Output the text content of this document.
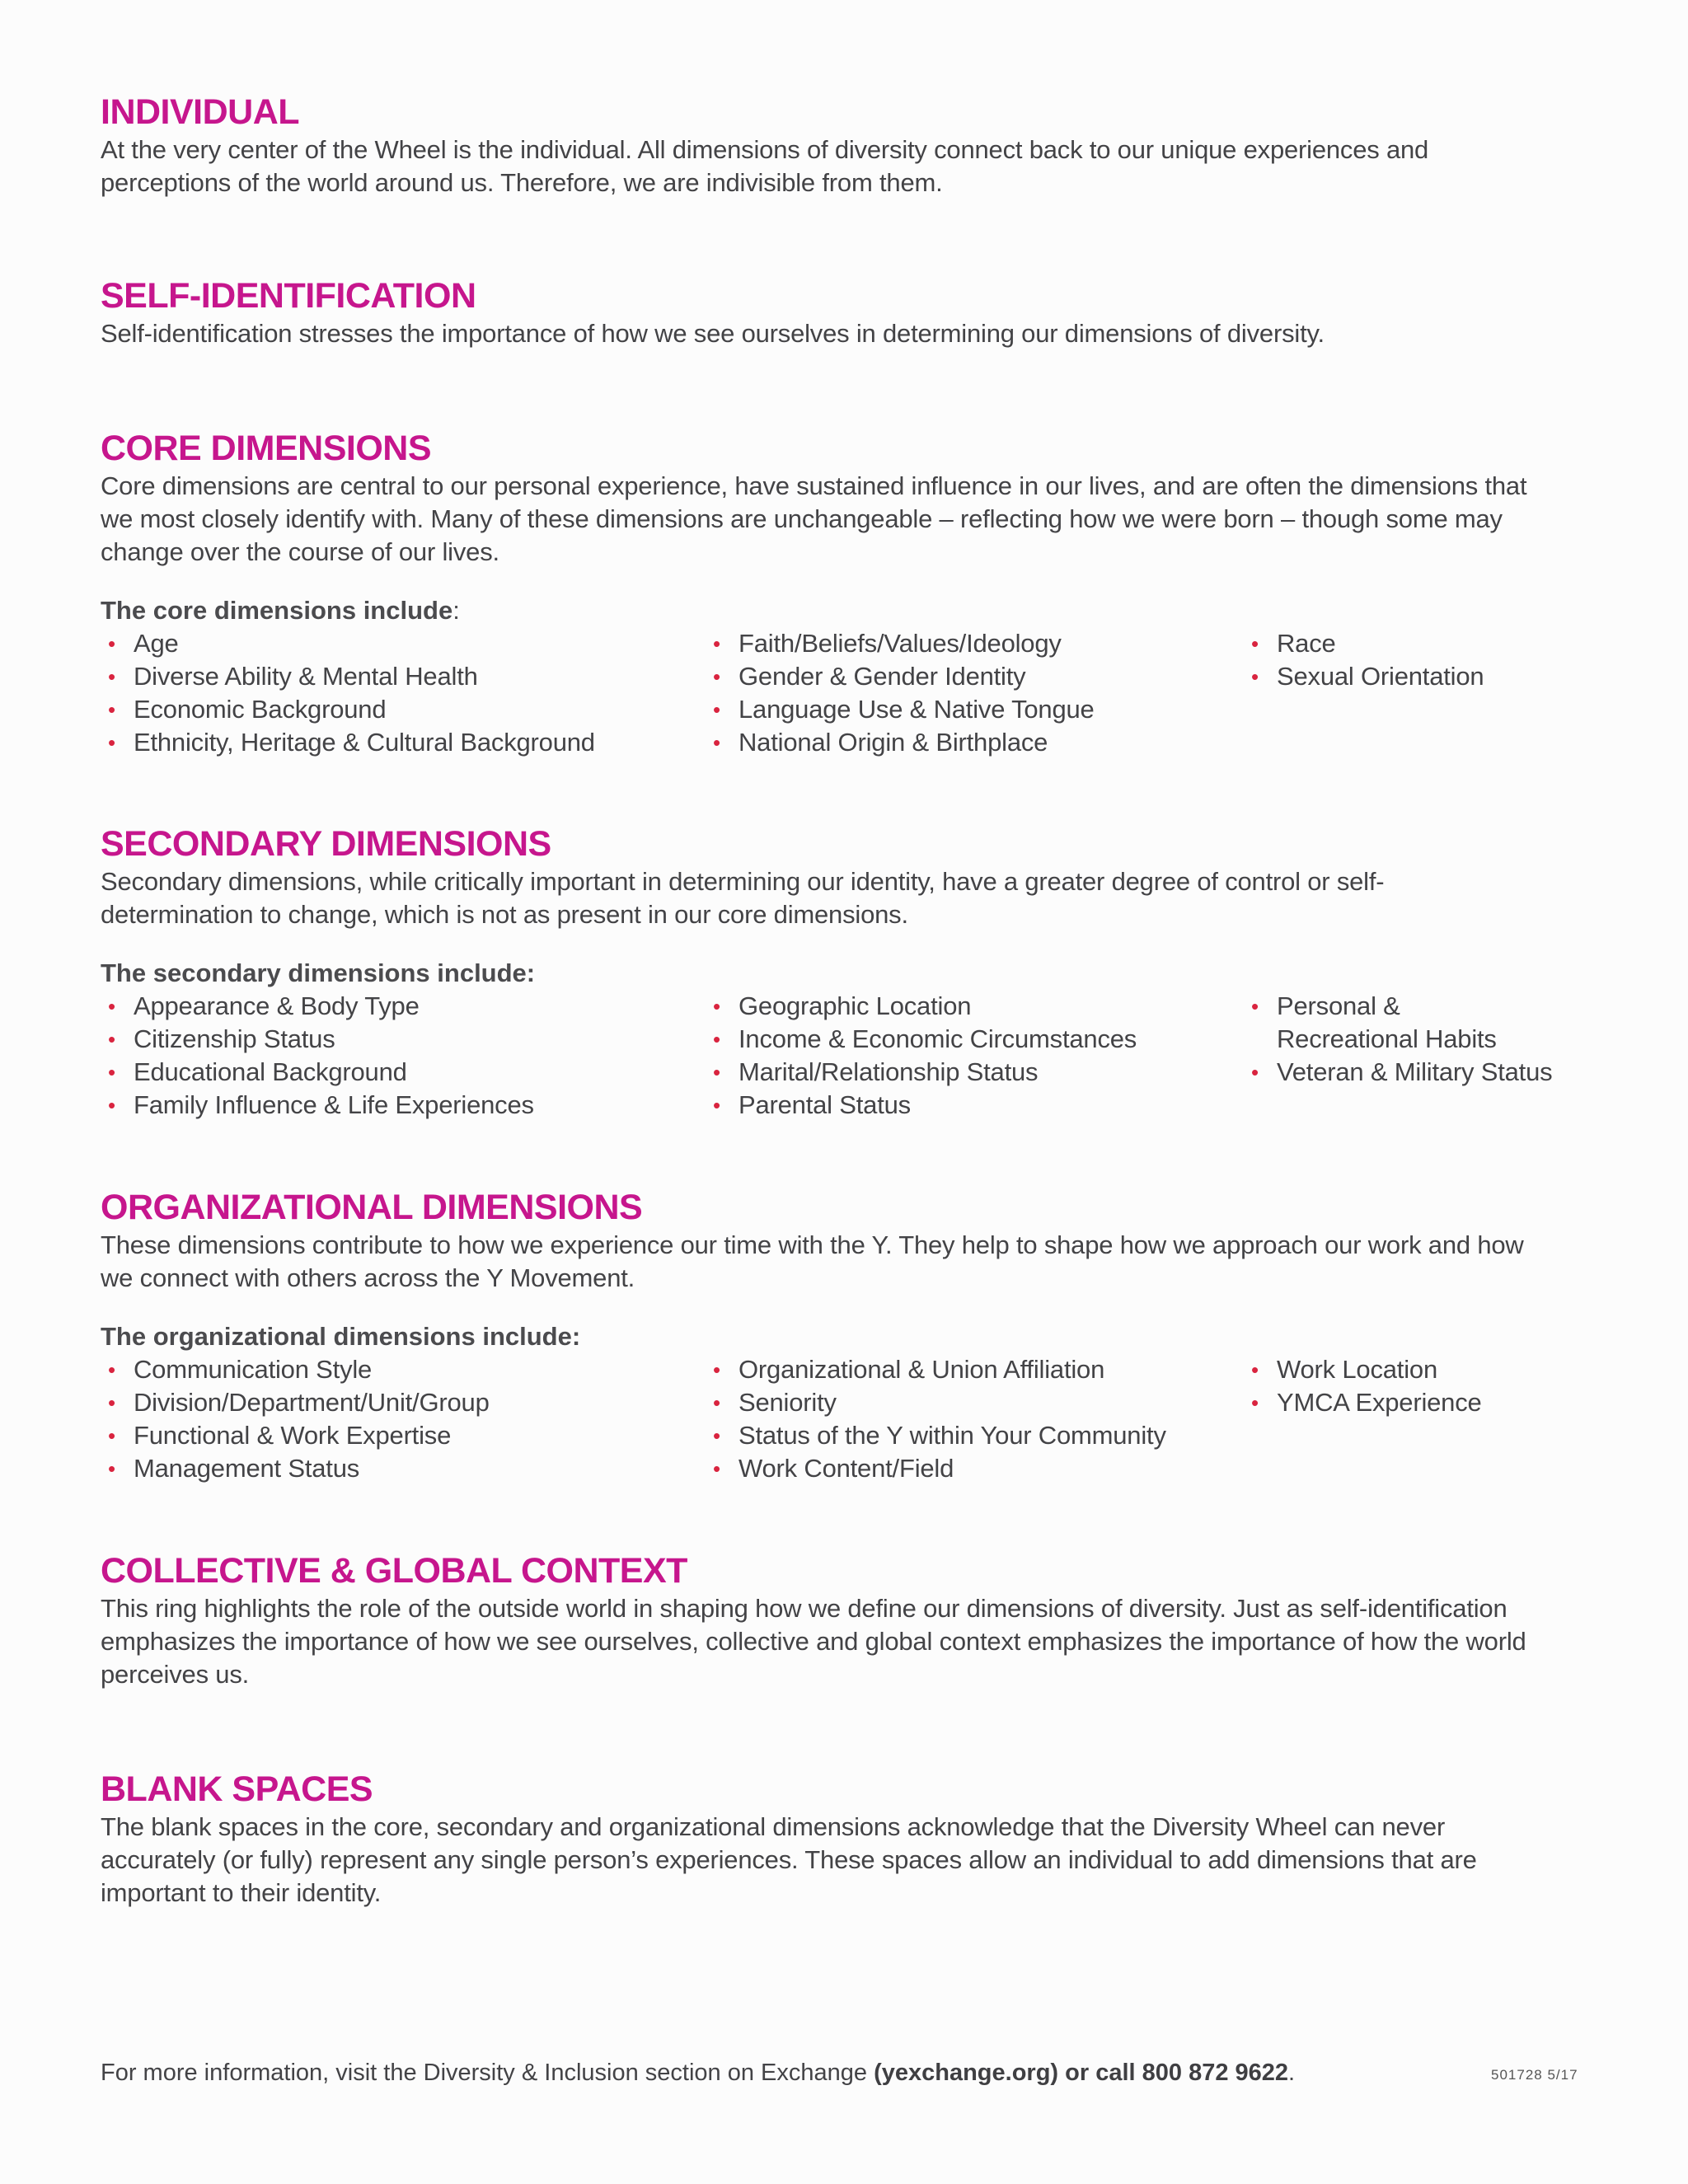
INDIVIDUAL

At the very center of the Wheel is the individual. All dimensions of diversity connect back to our unique experiences and
perceptions of the world around us. Therefore, we are indivisible from them.

SELF-IDENTIFICATION

Self-identification stresses the importance of how we see ourselves in determining our dimensions of diversity.

CORE DIMENSIONS

Core dimensions are central to our personal experience, have sustained influence in our lives, and are often the dimensions that
we most closely identify with. Many of these dimensions are unchangeable – reflecting how we were born – though some may
change over the course of our lives.

The core dimensions include:
• Age
• Diverse Ability & Mental Health
• Economic Background
• Ethnicity, Heritage & Cultural Background
• Faith/Beliefs/Values/Ideology
• Gender & Gender Identity
• Language Use & Native Tongue
• National Origin & Birthplace
• Race
• Sexual Orientation
SECONDARY DIMENSIONS

Secondary dimensions, while critically important in determining our identity, have a greater degree of control or self-
determination to change, which is not as present in our core dimensions.

The secondary dimensions include:
• Appearance & Body Type
• Citizenship Status
• Educational Background
• Family Influence & Life Experiences
• Geographic Location
• Income & Economic Circumstances
• Marital/Relationship Status
• Parental Status
• Personal &
Recreational Habits
• Veteran & Military Status
ORGANIZATIONAL DIMENSIONS

These dimensions contribute to how we experience our time with the Y. They help to shape how we approach our work and how
we connect with others across the Y Movement.

The organizational dimensions include:
• Communication Style
• Division/Department/Unit/Group
• Functional & Work Expertise
• Management Status
• Organizational & Union Affiliation
• Seniority
• Status of the Y within Your Community
• Work Content/Field
• Work Location
• YMCA Experience
COLLECTIVE & GLOBAL CONTEXT

This ring highlights the role of the outside world in shaping how we define our dimensions of diversity. Just as self-identification
emphasizes the importance of how we see ourselves, collective and global context emphasizes the importance of how the world
perceives us.

BLANK SPACES

The blank spaces in the core, secondary and organizational dimensions acknowledge that the Diversity Wheel can never
accurately (or fully) represent any single person’s experiences. These spaces allow an individual to add dimensions that are
important to their identity.

For more information, visit the Diversity & Inclusion section on Exchange (yexchange.org) or call 800 872 9622.	501728 5/17
